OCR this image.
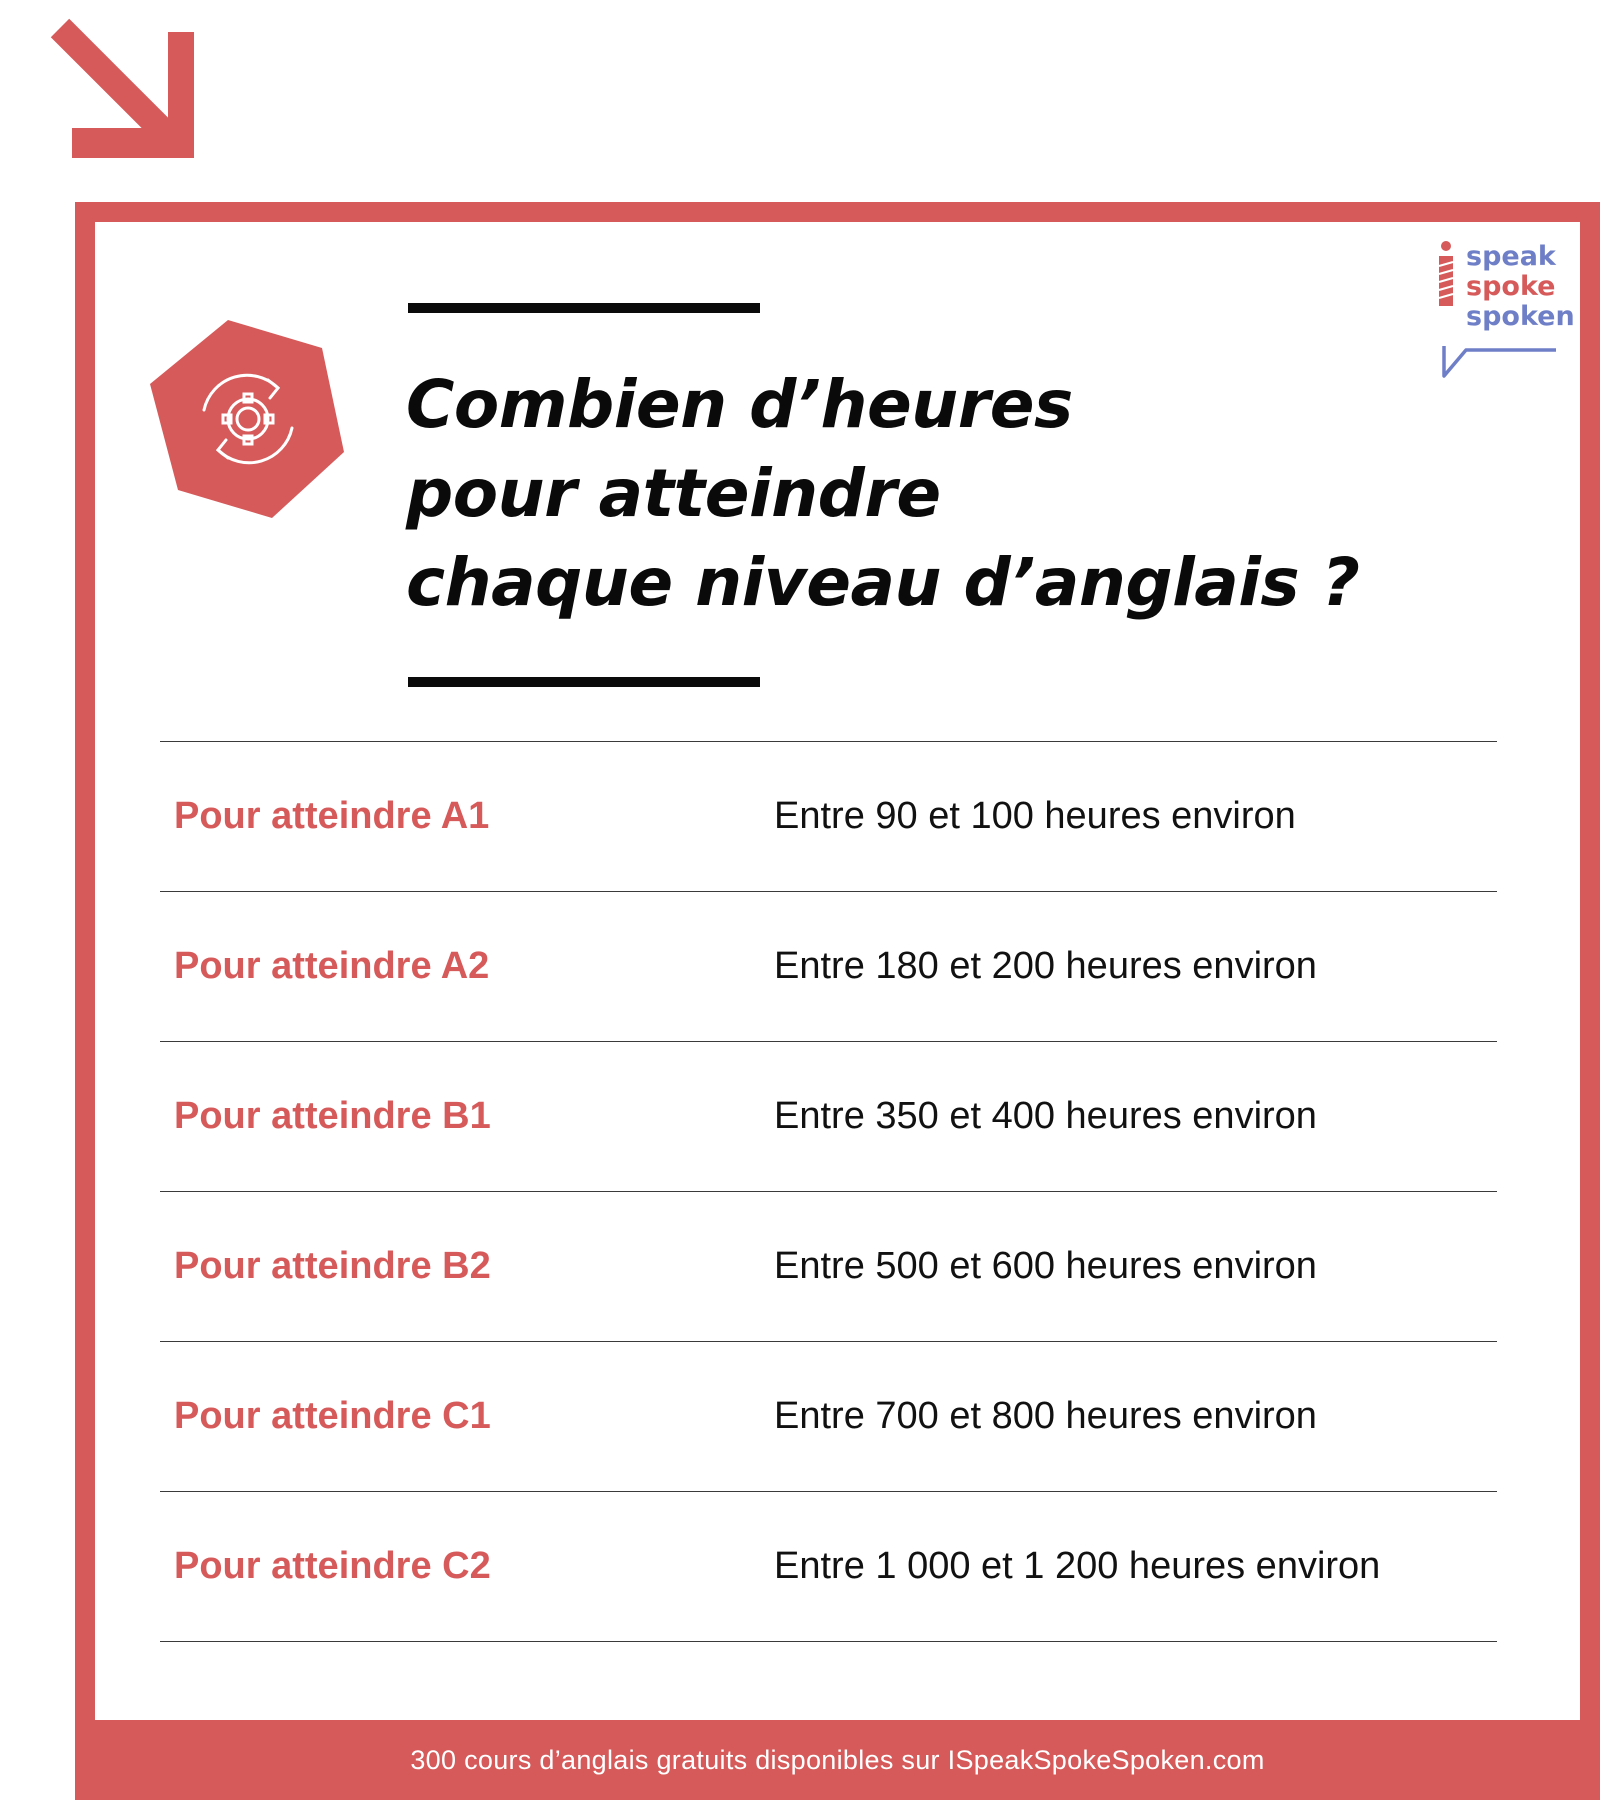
Combien d’heures
pour atteindre
chaque niveau d’anglais ?
speak
spoke
spoken
Pour atteindre A1	Entre 90 et 100 heures environ
Pour atteindre A2	Entre 180 et 200 heures environ
Pour atteindre B1	Entre 350 et 400 heures environ
Pour atteindre B2	Entre 500 et 600 heures environ
Pour atteindre C1	Entre 700 et 800 heures environ
Pour atteindre C2	Entre 1 000 et 1 200 heures environ
300 cours d’anglais gratuits disponibles sur ISpeakSpokeSpoken.com
